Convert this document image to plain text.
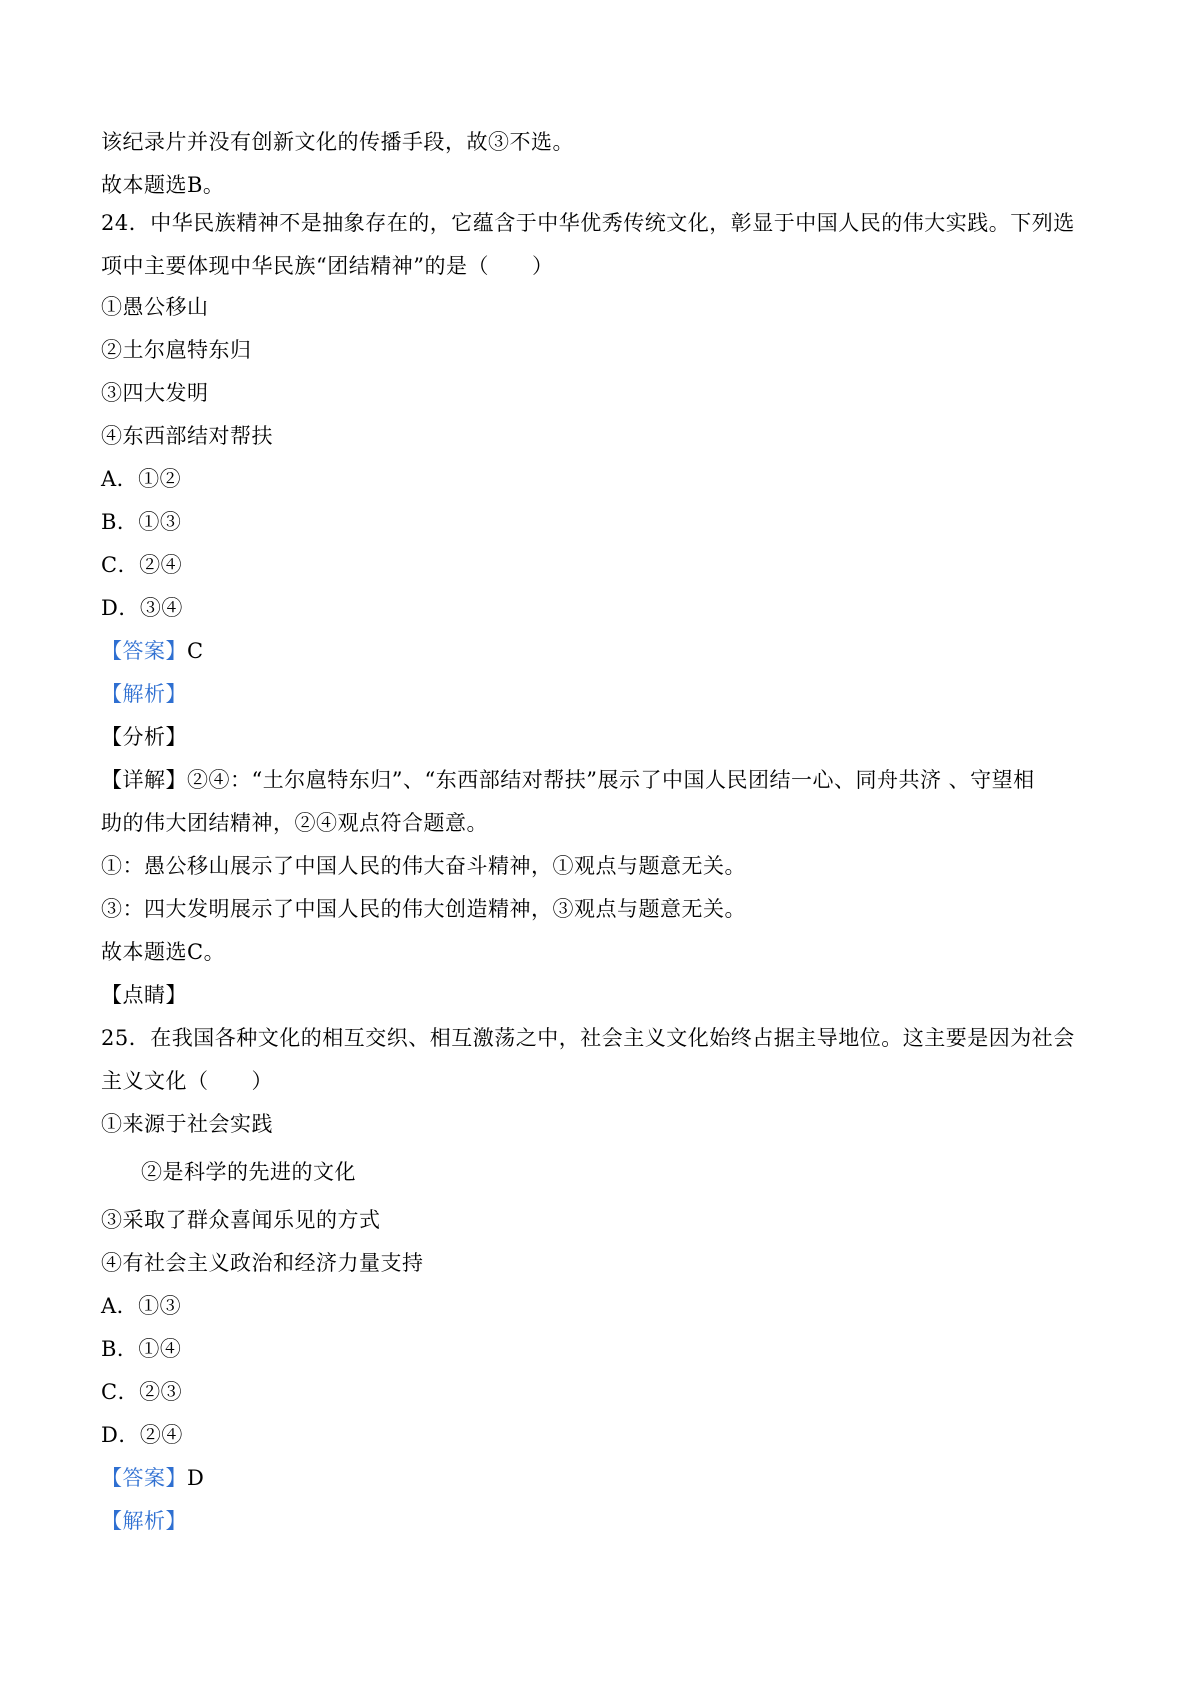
该纪录片并没有创新文化的传播手段，故③不选。
故本题选B。
24．中华民族精神不是抽象存在的，它蕴含于中华优秀传统文化，彰显于中国人民的伟大实践。下列选
项中主要体现中华民族“团结精神”的是（　　）
①愚公移山
②土尔扈特东归
③四大发明
④东西部结对帮扶
A．①②
B．①③
C．②④
D．③④
【答案】C
【解析】
【分析】
【详解】②④：“土尔扈特东归”、“东西部结对帮扶”展示了中国人民团结一心、同舟共济 、守望相
助的伟大团结精神，②④观点符合题意。
①：愚公移山展示了中国人民的伟大奋斗精神，①观点与题意无关。
③：四大发明展示了中国人民的伟大创造精神，③观点与题意无关。
故本题选C。
【点睛】
25．在我国各种文化的相互交织、相互激荡之中，社会主义文化始终占据主导地位。这主要是因为社会
主义文化（　　）
①来源于社会实践
②是科学的先进的文化
③采取了群众喜闻乐见的方式
④有社会主义政治和经济力量支持
A．①③
B．①④
C．②③
D．②④
【答案】D
【解析】
